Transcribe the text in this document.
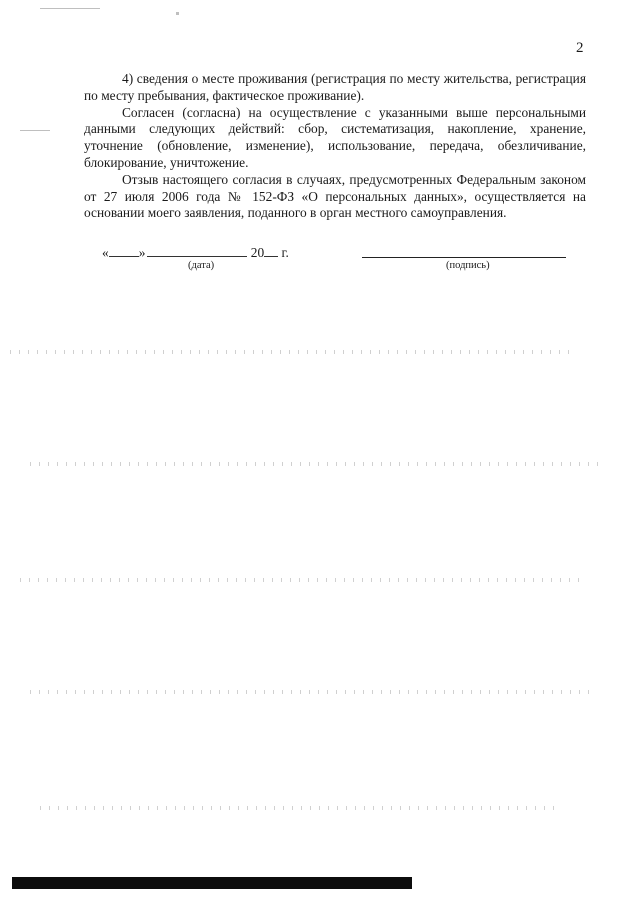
2

4) сведения о месте проживания (регистрация по месту жительства, регистрация по месту пребывания, фактическое проживание).

Согласен (согласна) на осуществление с указанными выше персональными данными следующих действий: сбор, систематизация, накопление, хранение, уточнение (обновление, изменение), использование, передача, обезличивание, блокирование, уничтожение.

Отзыв настоящего согласия в случаях, предусмотренных Федеральным законом от 27 июля 2006 года № 152-ФЗ «О персональных данных», осуществляется на основании моего заявления, поданного в орган местного самоуправления.

« »	20 г.
(дата)	(подпись)
